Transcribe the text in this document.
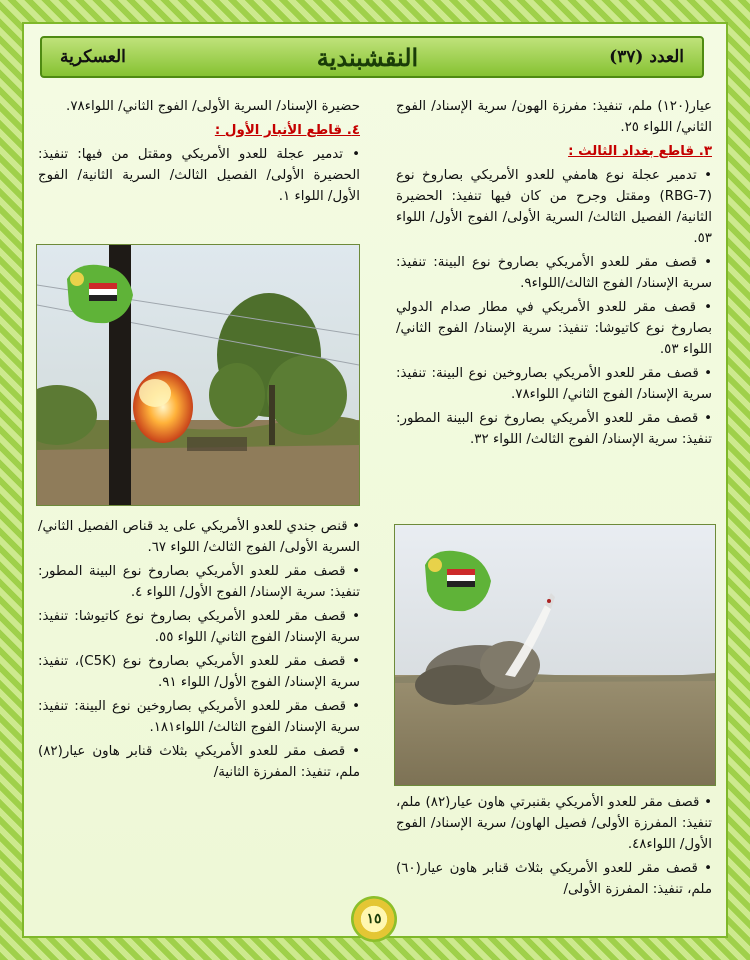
العسكرية	النقشبندية	العدد (٣٧)

عيار(١٢٠) ملم، تنفيذ: مفرزة الهون/ سرية الإسناد/ الفوج الثاني/ اللواء ٢٥.

٣. قاطع بغداد الثالث :

• تدمير عجلة نوع هامفي للعدو الأمريكي بصاروخ نوع (RBG-7) ومقتل وجرح من كان فيها تنفيذ: الحضيرة الثانية/ الفصيل الثالث/ السرية الأولى/ الفوج الأول/ اللواء ٥٣.

• قصف مقر للعدو الأمريكي بصاروخ نوع البينة: تنفيذ: سرية الإسناد/ الفوج الثالث/اللواء٩.

• قصف مقر للعدو الأمريكي في مطار صدام الدولي بصاروخ نوع كاتيوشا: تنفيذ: سرية الإسناد/ الفوج الثاني/ اللواء ٥٣.

• قصف مقر للعدو الأمريكي بصاروخين نوع البينة: تنفيذ: سرية الإسناد/ الفوج الثاني/ اللواء٧٨.

• قصف مقر للعدو الأمريكي بصاروخ نوع البينة المطور: تنفيذ: سرية الإسناد/ الفوج الثالث/ اللواء ٣٢.

• قصف مقر للعدو الأمريكي بقنبرتي هاون عيار(٨٢) ملم، تنفيذ: المفرزة الأولى/ فصيل الهاون/ سرية الإسناد/ الفوج الأول/ اللواء٤٨.

• قصف مقر للعدو الأمريكي بثلاث قنابر هاون عيار(٦٠) ملم، تنفيذ: المفرزة الأولى/

حضيرة الإسناد/ السرية الأولى/ الفوج الثاني/ اللواء٧٨.

٤. قاطع الأنبار الأول :

• تدمير عجلة للعدو الأمريكي ومقتل من فيها: تنفيذ: الحضيرة الأولى/ الفصيل الثالث/ السرية الثانية/ الفوج الأول/ اللواء ١.

• قنص جندي للعدو الأمريكي على يد قناص الفصيل الثاني/ السرية الأولى/ الفوج الثالث/ اللواء ٦٧.

• قصف مقر للعدو الأمريكي بصاروخ نوع البينة المطور: تنفيذ: سرية الإسناد/ الفوج الأول/ اللواء ٤.

• قصف مقر للعدو الأمريكي بصاروخ نوع كاتيوشا: تنفيذ: سرية الإسناد/ الفوج الثاني/ اللواء ٥٥.

• قصف مقر للعدو الأمريكي بصاروخ نوع (C5K)، تنفيذ: سرية الإسناد/ الفوج الأول/ اللواء ٩١.

• قصف مقر للعدو الأمريكي بصاروخين نوع البينة: تنفيذ: سرية الإسناد/ الفوج الثالث/ اللواء١٨١.

• قصف مقر للعدو الأمريكي بثلاث قنابر هاون عيار(٨٢) ملم، تنفيذ: المفرزة الثانية/

١٥
